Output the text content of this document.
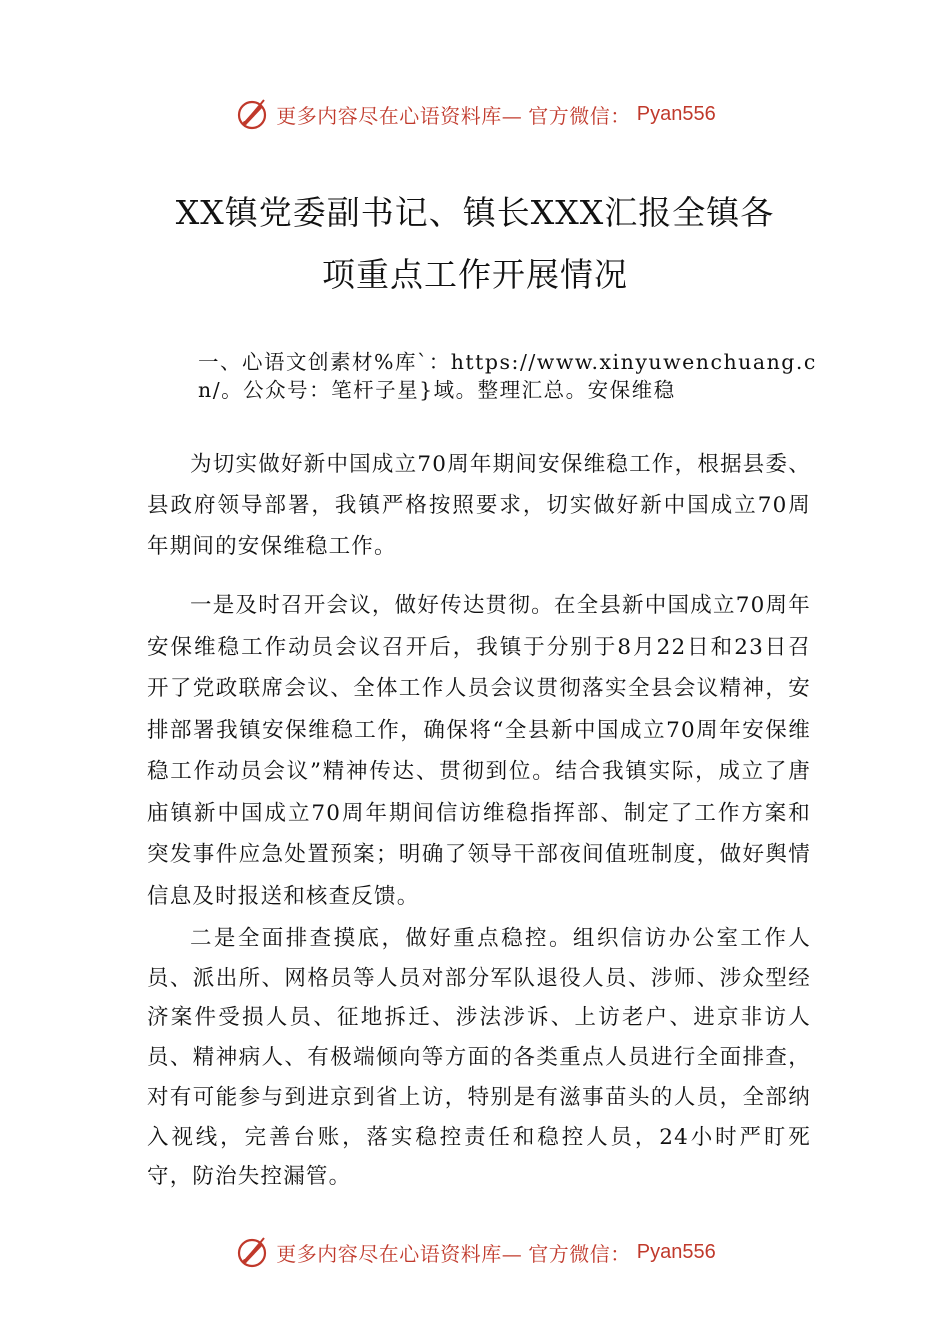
更多内容尽在心语资料库— 官方微信： Pyan556
XX镇党委副书记、镇长XXX汇报全镇各
项重点工作开展情况
一、心语文创素材%库`：https://www.xinyuwenchuang.cn/。公众号：笔杆子星}域。整理汇总。安保维稳

为切实做好新中国成立70周年期间安保维稳工作，根据县委、县政府领导部署，我镇严格按照要求，切实做好新中国成立70周年期间的安保维稳工作。

一是及时召开会议，做好传达贯彻。在全县新中国成立70周年安保维稳工作动员会议召开后，我镇于分别于8月22日和23日召开了党政联席会议、全体工作人员会议贯彻落实全县会议精神，安排部署我镇安保维稳工作，确保将“全县新中国成立70周年安保维稳工作动员会议”精神传达、贯彻到位。结合我镇实际，成立了唐庙镇新中国成立70周年期间信访维稳指挥部、制定了工作方案和突发事件应急处置预案；明确了领导干部夜间值班制度，做好舆情信息及时报送和核查反馈。

二是全面排查摸底，做好重点稳控。组织信访办公室工作人员、派出所、网格员等人员对部分军队退役人员、涉师、涉众型经济案件受损人员、征地拆迁、涉法涉诉、上访老户、进京非访人员、精神病人、有极端倾向等方面的各类重点人员进行全面排查，对有可能参与到进京到省上访，特别是有滋事苗头的人员，全部纳入视线，完善台账，落实稳控责任和稳控人员，24小时严盯死守，防治失控漏管。

更多内容尽在心语资料库— 官方微信： Pyan556
